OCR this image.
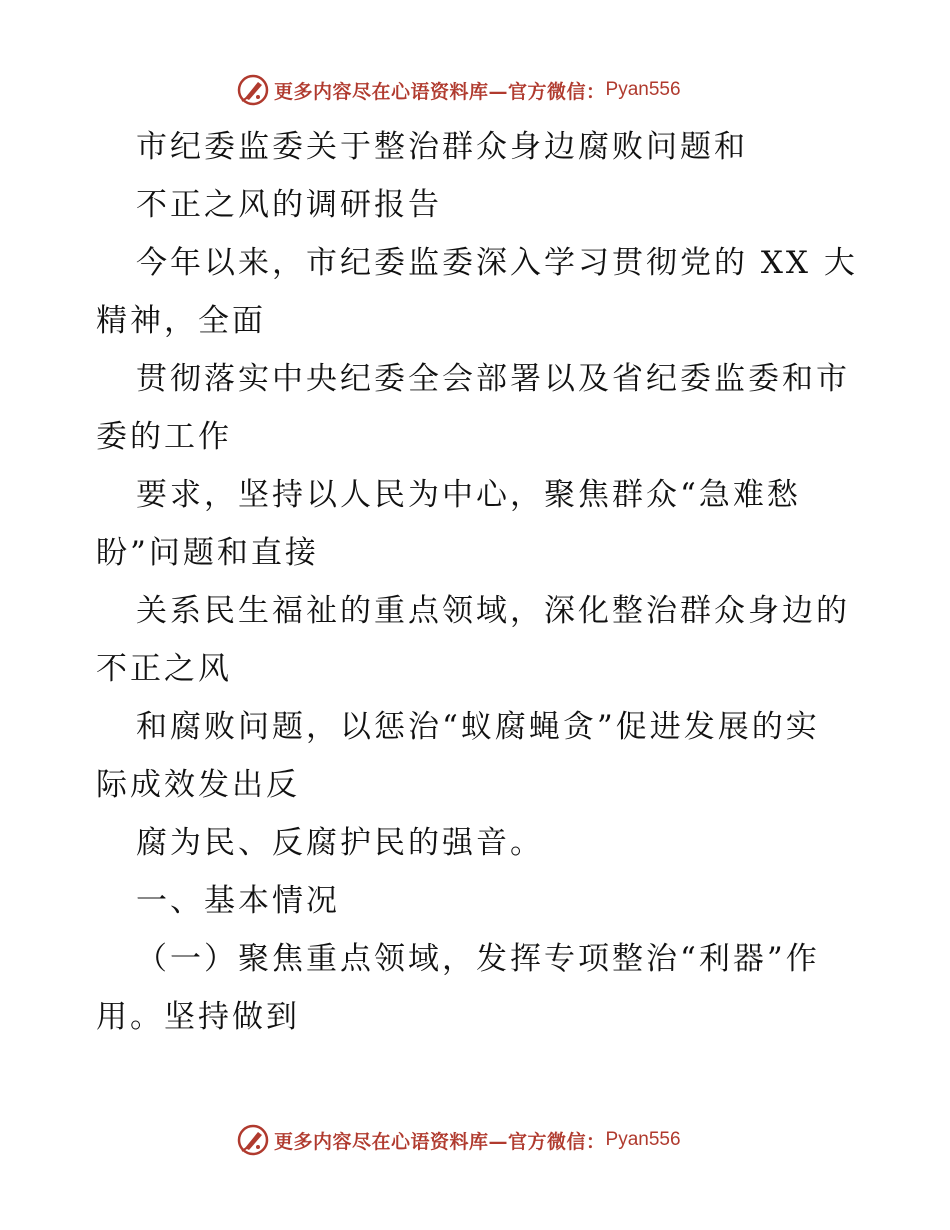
更多内容尽在心语资料库—官方微信： Pyan556
市纪委监委关于整治群众身边腐败问题和
不正之风的调研报告
今年以来，市纪委监委深入学习贯彻党的 XX 大
精神，全面
贯彻落实中央纪委全会部署以及省纪委监委和市
委的工作
要求，坚持以人民为中心，聚焦群众“急难愁
盼”问题和直接
关系民生福祉的重点领域，深化整治群众身边的
不正之风
和腐败问题，以惩治“蚁腐蝇贪”促进发展的实
际成效发出反
腐为民、反腐护民的强音。
一、基本情况
（一）聚焦重点领域，发挥专项整治“利器”作
用。坚持做到
更多内容尽在心语资料库—官方微信： Pyan556
